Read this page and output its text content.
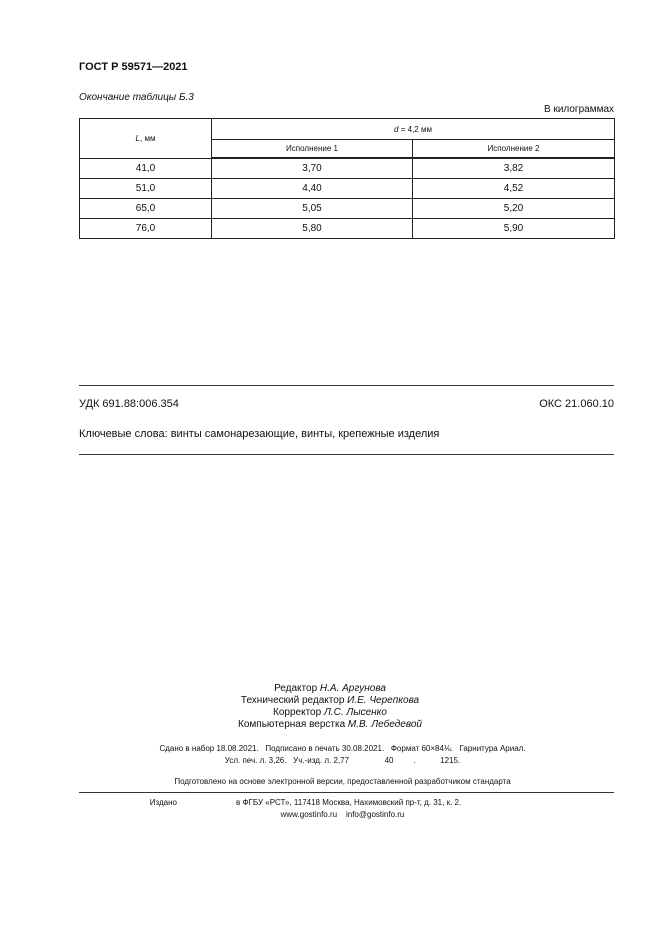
ГОСТ Р 59571—2021
Окончание таблицы Б.3
В килограммах
L, мм	d = 4,2 мм	
	Исполнение 1	Исполнение 2
41,0	3,70	3,82
51,0	4,40	4,52
65,0	5,05	5,20
76,0	5,80	5,90
УДК 691.88:006.354	ОКС 21.060.10
Ключевые слова: винты самонарезающие, винты, крепежные изделия
Редактор Н.А. Аргунова
Технический редактор И.Е. Черепкова
Корректор Л.С. Лысенко
Компьютерная верстка М.В. Лебедевой
Сдано в набор 18.08.2021.   Подписано в печать 30.08.2021.   Формат 60×84⅛.   Гарнитура Ариал.
Усл. печ. л. 3,26.   Уч.-изд. л. 2,77                40         .           1215.
Подготовлено на основе электронной версии, предоставленной разработчиком стандарта
Издано	в ФГБУ «РСТ», 117418 Москва, Нахимовский пр-т, д. 31, к. 2.
www.gostinfo.ru    info@gostinfo.ru
